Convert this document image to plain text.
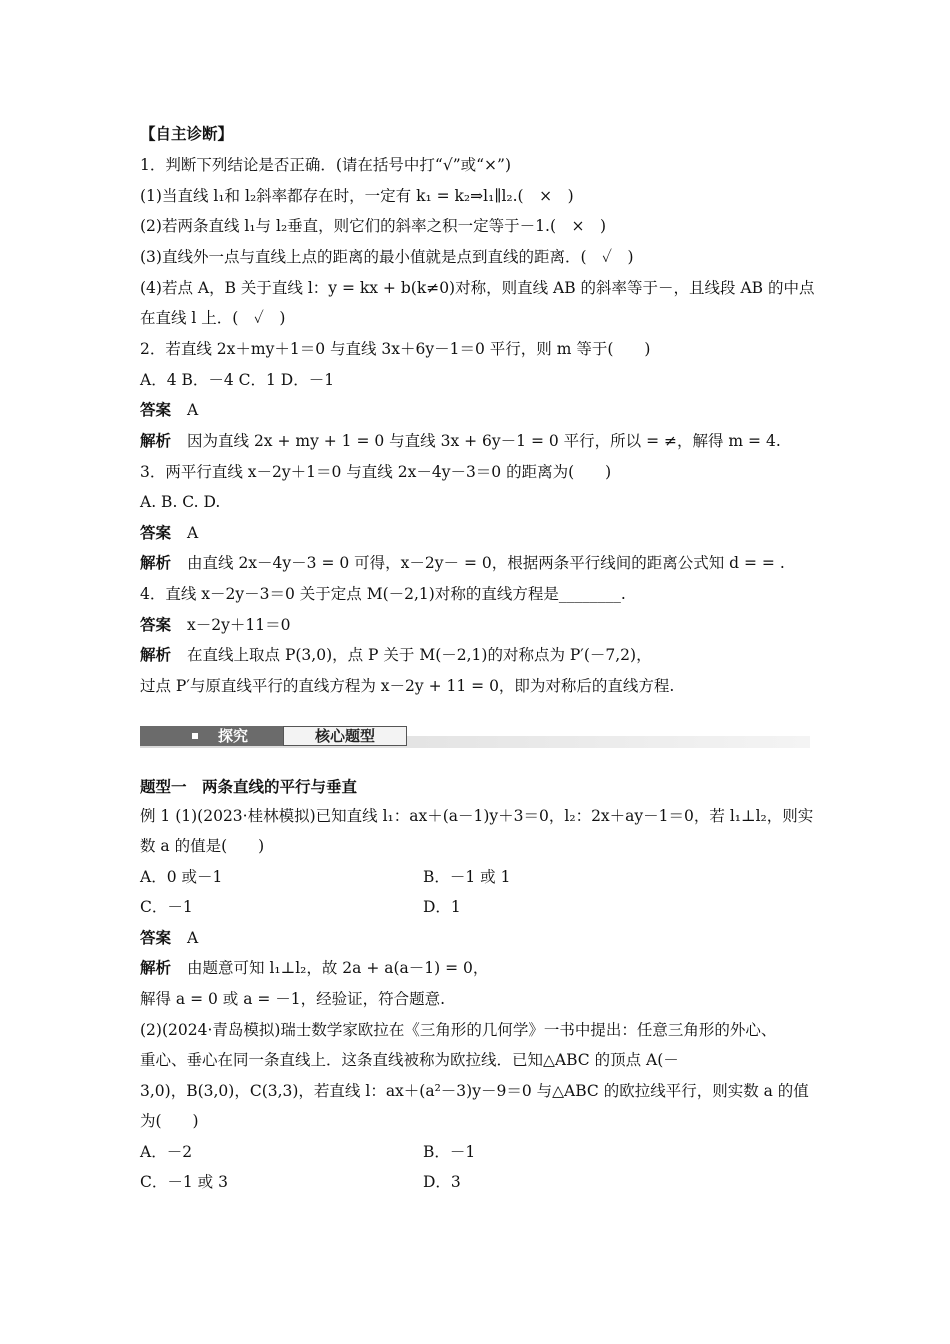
【自主诊断】
1．判断下列结论是否正确．(请在括号中打“√”或“×”)
(1)当直线 l₁和 l₂斜率都存在时，一定有 k₁ = k₂⇒l₁∥l₂.(　×　)
(2)若两条直线 l₁与 l₂垂直，则它们的斜率之积一定等于－1.(　×　)
(3)直线外一点与直线上点的距离的最小值就是点到直线的距离．(　✓　)
(4)若点 A，B 关于直线 l：y = kx + b(k≠0)对称，则直线 AB 的斜率等于－，且线段 AB 的中点
在直线 l 上．(　✓　)
2．若直线 2x＋my＋1＝0 与直线 3x＋6y－1＝0 平行，则 m 等于(　　)
A．4 B．－4 C．1 D．－1
答案 A
解析 因为直线 2x + my + 1 = 0 与直线 3x + 6y－1 = 0 平行，所以 = ≠，解得 m = 4.
3．两平行直线 x－2y＋1＝0 与直线 2x－4y－3＝0 的距离为(　　)
A. B. C. D.
答案 A
解析 由直线 2x－4y－3 = 0 可得，x－2y－ = 0，根据两条平行线间的距离公式知 d = = .
4．直线 x－2y－3＝0 关于定点 M(－2,1)对称的直线方程是________.
答案 x－2y＋11＝0
解析 在直线上取点 P(3,0)，点 P 关于 M(－2,1)的对称点为 P′(－7,2)，
过点 P′与原直线平行的直线方程为 x－2y + 11 = 0，即为对称后的直线方程.
探究	核心题型
题型一　两条直线的平行与垂直
例 1 (1)(2023·桂林模拟)已知直线 l₁：ax＋(a－1)y＋3＝0，l₂：2x＋ay－1＝0，若 l₁⊥l₂，则实
数 a 的值是(　　)
A．0 或－1	B．－1 或 1
C．－1	D．1
答案 A
解析 由题意可知 l₁⊥l₂，故 2a + a(a－1) = 0，
解得 a = 0 或 a = －1，经验证，符合题意.
(2)(2024·青岛模拟)瑞士数学家欧拉在《三角形的几何学》一书中提出：任意三角形的外心、
重心、垂心在同一条直线上．这条直线被称为欧拉线．已知△ABC 的顶点 A(－
3,0)，B(3,0)，C(3,3)，若直线 l：ax＋(a²－3)y－9＝0 与△ABC 的欧拉线平行，则实数 a 的值
为(　　)
A．－2	B．－1
C．－1 或 3	D．3
